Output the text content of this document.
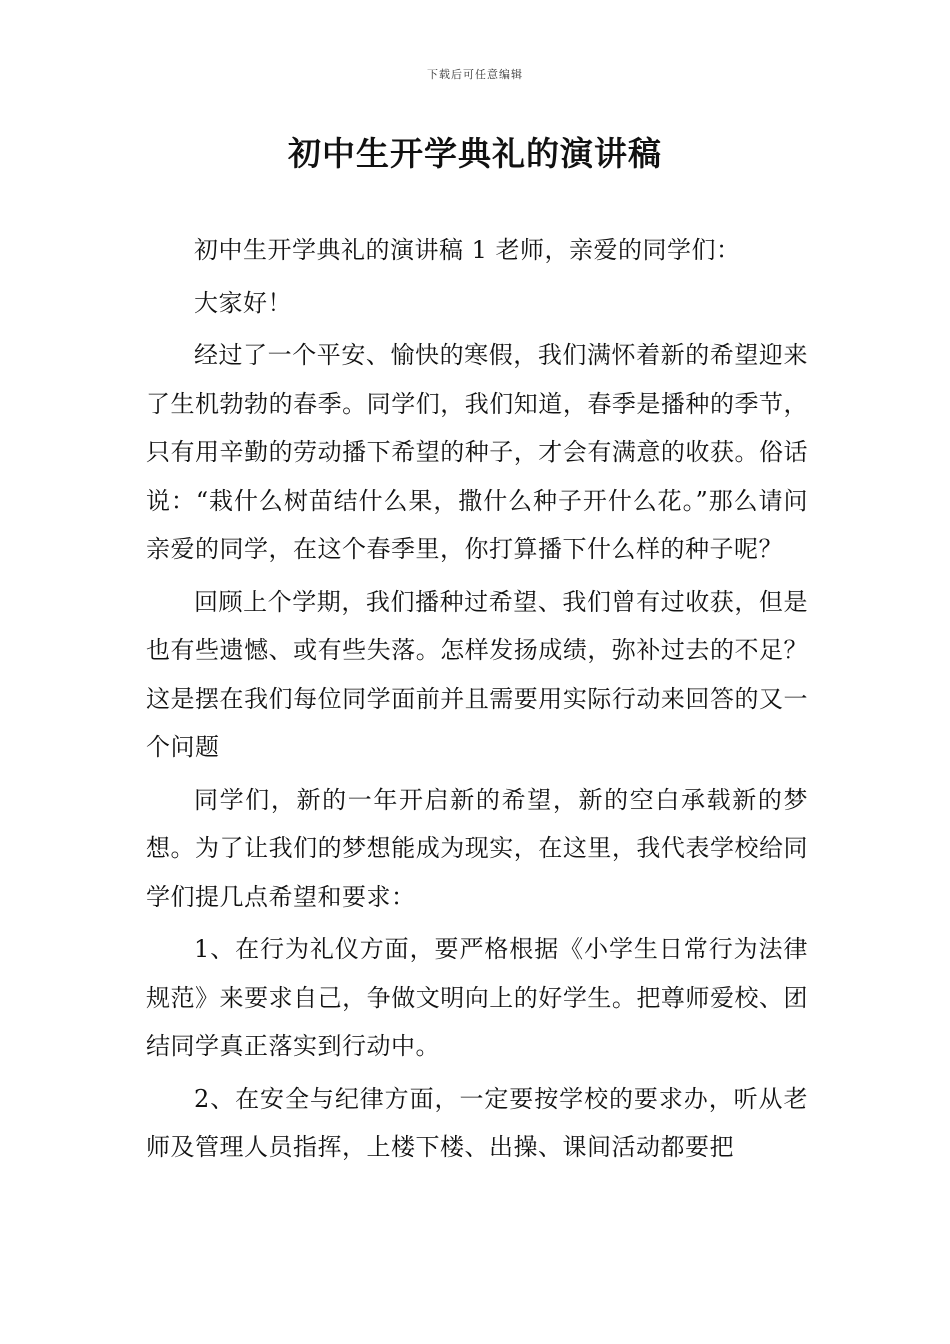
下载后可任意编辑
初中生开学典礼的演讲稿

初中生开学典礼的演讲稿 1 老师，亲爱的同学们：

大家好！

经过了一个平安、愉快的寒假，我们满怀着新的希望迎来了生机勃勃的春季。同学们，我们知道，春季是播种的季节，只有用辛勤的劳动播下希望的种子，才会有满意的收获。俗话说：“栽什么树苗结什么果，撒什么种子开什么花。”那么请问亲爱的同学，在这个春季里，你打算播下什么样的种子呢？

回顾上个学期，我们播种过希望、我们曾有过收获，但是也有些遗憾、或有些失落。怎样发扬成绩，弥补过去的不足？这是摆在我们每位同学面前并且需要用实际行动来回答的又一个问题

同学们，新的一年开启新的希望，新的空白承载新的梦想。为了让我们的梦想能成为现实，在这里，我代表学校给同学们提几点希望和要求：

1、在行为礼仪方面，要严格根据《小学生日常行为法律规范》来要求自己，争做文明向上的好学生。把尊师爱校、团结同学真正落实到行动中。

2、在安全与纪律方面，一定要按学校的要求办，听从老师及管理人员指挥，上楼下楼、出操、课间活动都要把
